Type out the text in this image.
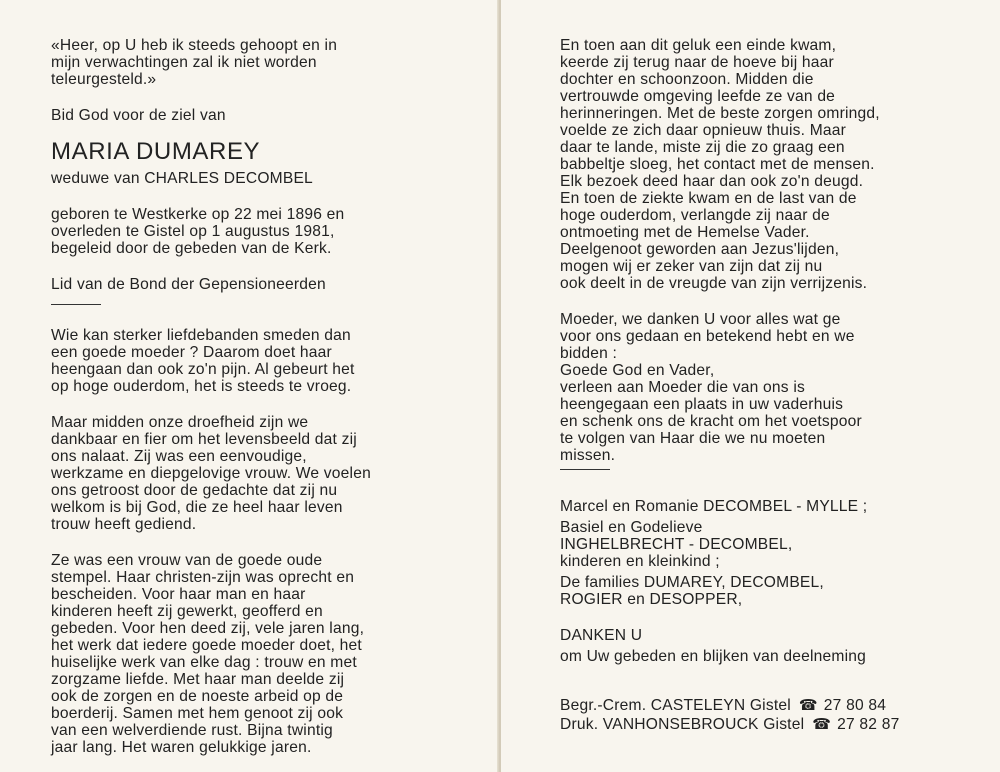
«Heer, op U heb ik steeds gehoopt en in
mijn verwachtingen zal ik niet worden
teleurgesteld.»
Bid God voor de ziel van
MARIA DUMAREY
weduwe van CHARLES DECOMBEL
geboren te Westkerke op 22 mei 1896 en
overleden te Gistel op 1 augustus 1981,
begeleid door de gebeden van de Kerk.
Lid van de Bond der Gepensioneerden
Wie kan sterker liefdebanden smeden dan
een goede moeder ? Daarom doet haar
heengaan dan ook zo'n pijn. Al gebeurt het
op hoge ouderdom, het is steeds te vroeg.
Maar midden onze droefheid zijn we
dankbaar en fier om het levensbeeld dat zij
ons nalaat. Zij was een eenvoudige,
werkzame en diepgelovige vrouw. We voelen
ons getroost door de gedachte dat zij nu
welkom is bij God, die ze heel haar leven
trouw heeft gediend.
Ze was een vrouw van de goede oude
stempel. Haar christen-zijn was oprecht en
bescheiden. Voor haar man en haar
kinderen heeft zij gewerkt, geofferd en
gebeden. Voor hen deed zij, vele jaren lang,
het werk dat iedere goede moeder doet, het
huiselijke werk van elke dag : trouw en met
zorgzame liefde. Met haar man deelde zij
ook de zorgen en de noeste arbeid op de
boerderij. Samen met hem genoot zij ook
van een welverdiende rust. Bijna twintig
jaar lang. Het waren gelukkige jaren.
En toen aan dit geluk een einde kwam,
keerde zij terug naar de hoeve bij haar
dochter en schoonzoon. Midden die
vertrouwde omgeving leefde ze van de
herinneringen. Met de beste zorgen omringd,
voelde ze zich daar opnieuw thuis. Maar
daar te lande, miste zij die zo graag een
babbeltje sloeg, het contact met de mensen.
Elk bezoek deed haar dan ook zo'n deugd.
En toen de ziekte kwam en de last van de
hoge ouderdom, verlangde zij naar de
ontmoeting met de Hemelse Vader.
Deelgenoot geworden aan Jezus'lijden,
mogen wij er zeker van zijn dat zij nu
ook deelt in de vreugde van zijn verrijzenis.
Moeder, we danken U voor alles wat ge
voor ons gedaan en betekend hebt en we
bidden :
Goede God en Vader,
verleen aan Moeder die van ons is
heengegaan een plaats in uw vaderhuis
en schenk ons de kracht om het voetspoor
te volgen van Haar die we nu moeten
missen.
Marcel en Romanie DECOMBEL - MYLLE ;
Basiel en Godelieve
INGHELBRECHT - DECOMBEL,
kinderen en kleinkind ;
De families DUMAREY, DECOMBEL,
ROGIER en DESOPPER,
DANKEN U
om Uw gebeden en blijken van deelneming
Begr.-Crem. CASTELEYN Gistel ☎ 27 80 84
Druk. VANHONSEBROUCK Gistel ☎ 27 82 87
